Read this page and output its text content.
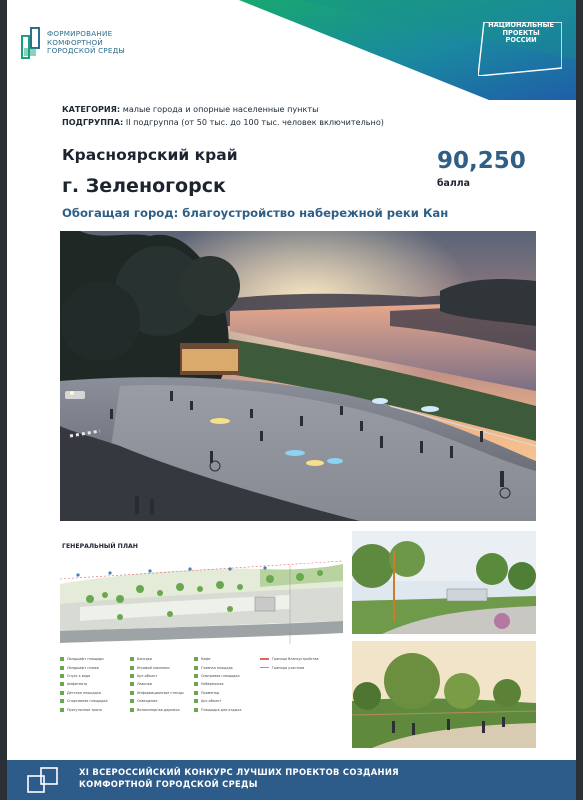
ФОРМИРОВАНИЕ
КОМФОРТНОЙ
ГОРОДСКОЙ СРЕДЫ
НАЦИОНАЛЬНЫЕ
ПРОЕКТЫ
РОССИИ
КАТЕГОРИЯ: малые города и опорные населенные пункты
ПОДГРУППА: II подгруппа (от 50 тыс. до 100 тыс. человек включительно)
Красноярский край
г. Зеленогорск
Обогащая город: благоустройство набережной реки Кан
90,250
балла
ГЕНЕРАЛЬНЫЙ ПЛАН
Ландшафт площади
Ландшафт пляжа
Спуск к воде
Амфитеатр
Детская площадка
Спортивная площадка
Прогулочная тропа
Беседки
Игровой комплекс
Арт-объект
Лавочки
Информационные стенды
Освещение
Велосипедная дорожка
Кафе
Главная площадь
Смотровая площадка
Набережная
Променад
Арт-объект
Площадка для отдыха
Граница благоустройства
Граница участков
XI ВСЕРОССИЙСКИЙ КОНКУРС ЛУЧШИХ ПРОЕКТОВ СОЗДАНИЯ
КОМФОРТНОЙ ГОРОДСКОЙ СРЕДЫ
